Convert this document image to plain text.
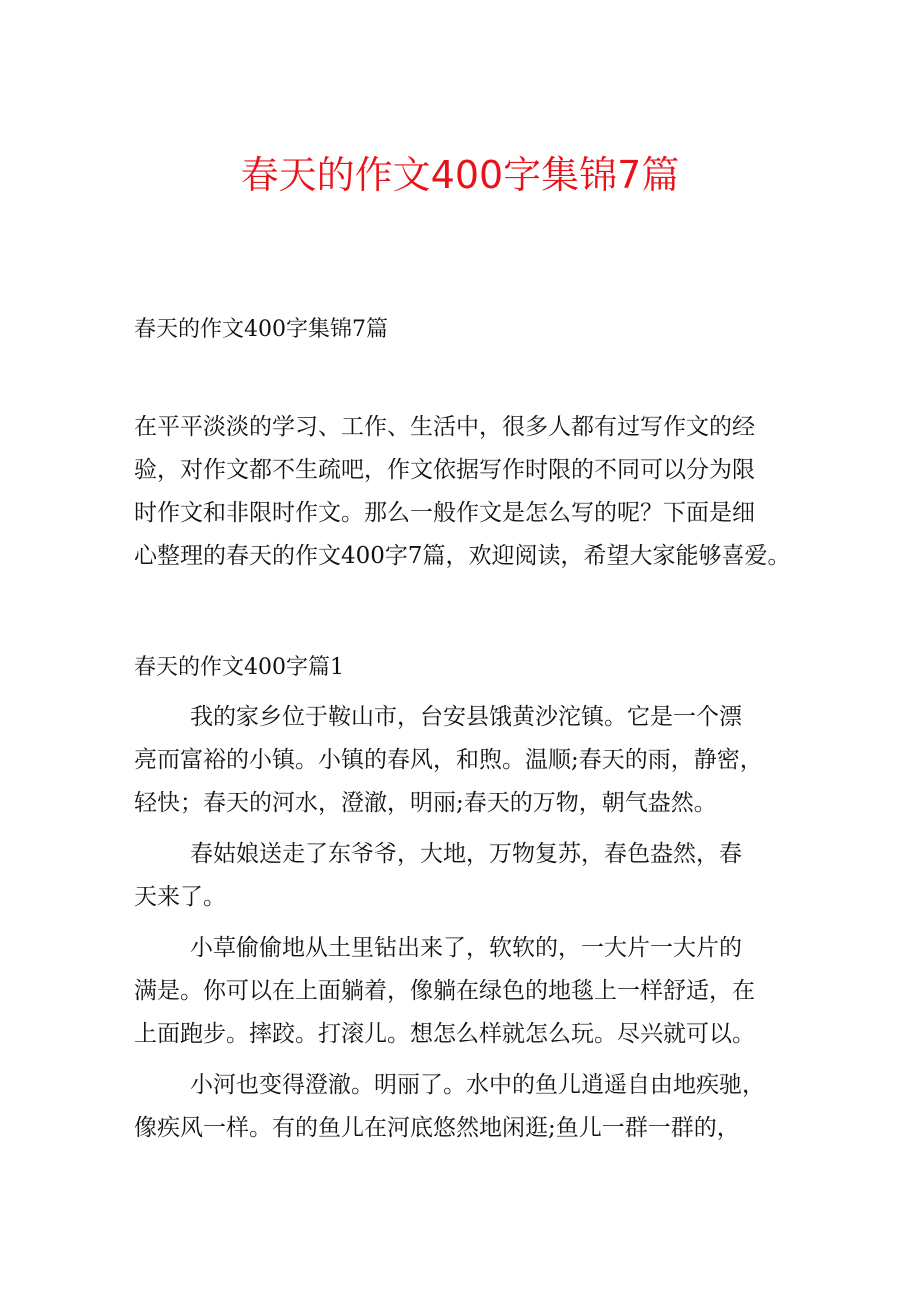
春天的作文400字集锦7篇
春天的作文400字集锦7篇
在平平淡淡的学习、工作、生活中，很多人都有过写作文的经
验，对作文都不生疏吧，作文依据写作时限的不同可以分为限
时作文和非限时作文。那么一般作文是怎么写的呢？下面是细
心整理的春天的作文400字7篇，欢迎阅读，希望大家能够喜爱。
春天的作文400字篇1
我的家乡位于鞍山市，台安县饿黄沙沱镇。它是一个漂
亮而富裕的小镇。小镇的春风，和煦。温顺;春天的雨，静密，
轻快；春天的河水，澄澈，明丽;春天的万物，朝气盎然。
春姑娘送走了东爷爷，大地，万物复苏，春色盎然，春
天来了。
小草偷偷地从土里钻出来了，软软的，一大片一大片的
满是。你可以在上面躺着，像躺在绿色的地毯上一样舒适，在
上面跑步。摔跤。打滚儿。想怎么样就怎么玩。尽兴就可以。
小河也变得澄澈。明丽了。水中的鱼儿逍遥自由地疾驰，
像疾风一样。有的鱼儿在河底悠然地闲逛;鱼儿一群一群的，
